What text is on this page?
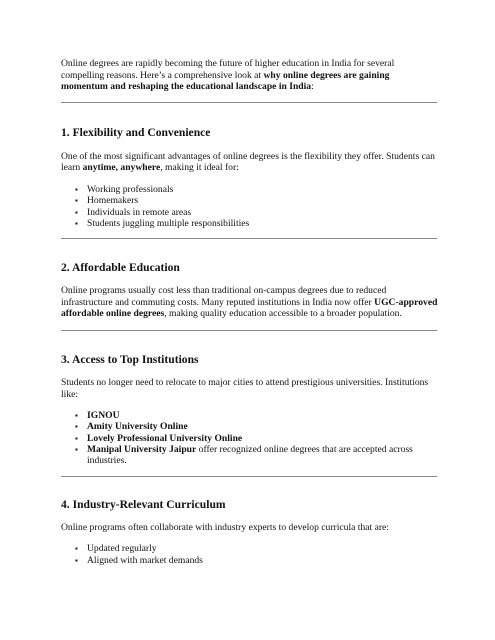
Online degrees are rapidly becoming the future of higher education in India for several compelling reasons. Here’s a comprehensive look at why online degrees are gaining momentum and reshaping the educational landscape in India:

1. Flexibility and Convenience

One of the most significant advantages of online degrees is the flexibility they offer. Students can learn anytime, anywhere, making it ideal for:

▪ Working professionals
▪ Homemakers
▪ Individuals in remote areas
▪ Students juggling multiple responsibilities
2. Affordable Education

Online programs usually cost less than traditional on-campus degrees due to reduced infrastructure and commuting costs. Many reputed institutions in India now offer UGC-approved affordable online degrees, making quality education accessible to a broader population.

3. Access to Top Institutions

Students no longer need to relocate to major cities to attend prestigious universities. Institutions like:

▪ IGNOU
▪ Amity University Online
▪ Lovely Professional University Online
▪ Manipal University Jaipur offer recognized online degrees that are accepted across industries.
4. Industry-Relevant Curriculum

Online programs often collaborate with industry experts to develop curricula that are:

▪ Updated regularly
▪ Aligned with market demands
